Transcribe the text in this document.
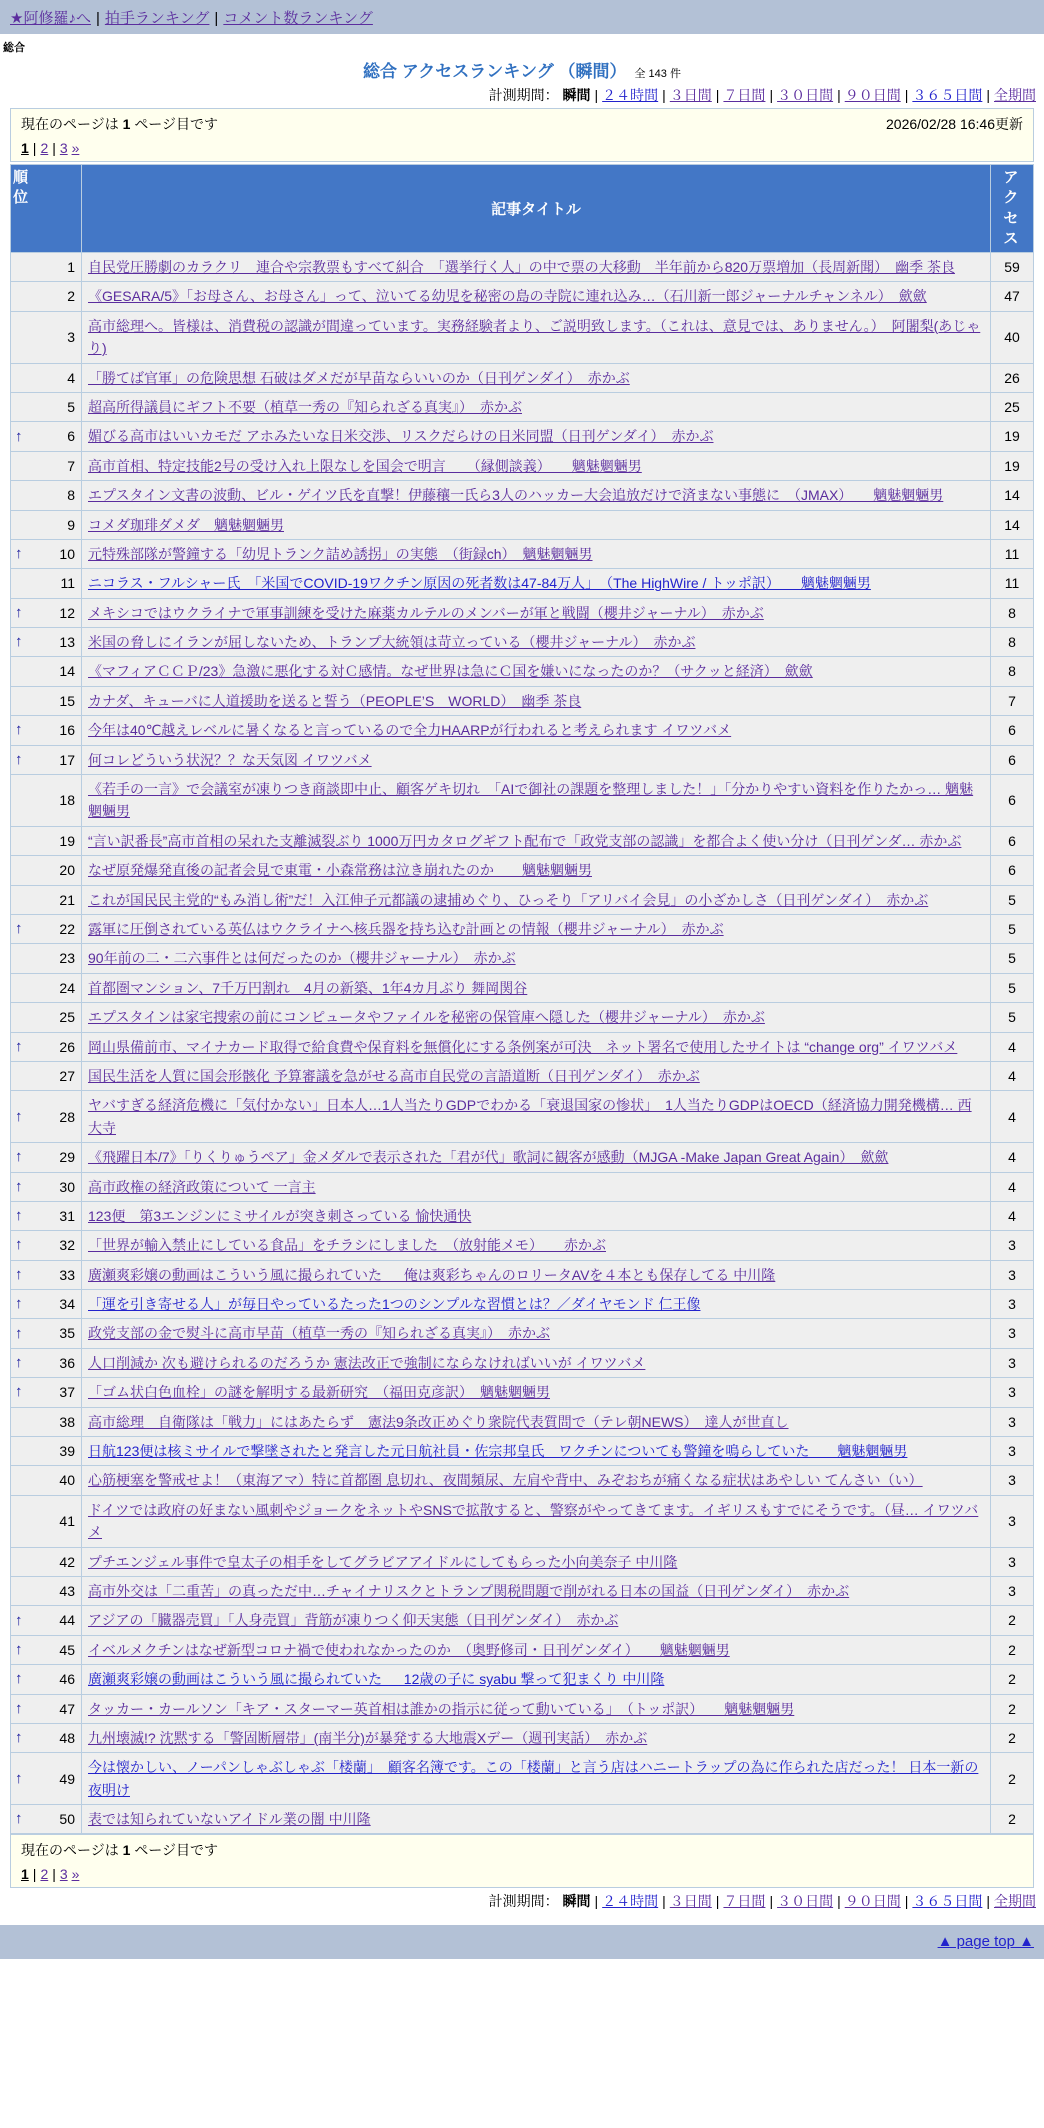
★阿修羅♪へ | 拍手ランキング | コメント数ランキング
総合
総合 アクセスランキング （瞬間） 全 143 件
計測期間： 瞬間 | ２４時間 | ３日間 | ７日間 | ３０日間 | ９０日間 | ３６５日間 | 全期間
2026/02/28 16:46更新
現在のページは 1 ページ目です
1 | 2 | 3 »
順位	記事タイトル	アクセス
1	自民党圧勝劇のカラクリ　連合や宗教票もすべて糾合　「選挙行く人」の中で票の大移動　半年前から820万票増加（長周新聞）　幽季 茶良	59
2	《GESARA/5》「お母さん、お母さん」って、泣いてる幼児を秘密の島の寺院に連れ込み…（石川新一郎ジャーナルチャンネル）　歛歛	47
3	高市総理へ。皆様は、消費税の認識が間違っています。実務経験者より、ご説明致します。（これは、意見では、ありません。）　阿闍梨(あじゃり)	40
4	「勝てば官軍」の危険思想 石破はダメだが早苗ならいいのか（日刊ゲンダイ）　赤かぶ	26
5	超高所得議員にギフト不要（植草一秀の『知られざる真実』）　赤かぶ	25

↑ 6	媚びる高市はいいカモだ アホみたいな日米交渉、リスクだらけの日米同盟（日刊ゲンダイ）　赤かぶ	19
7	高市首相、特定技能2号の受け入れ上限なしを国会で明言　　（縁側談義）　　魑魅魍魎男	19
8	エプスタイン文書の波動、ビル・ゲイツ氏を直撃！伊藤穰一氏ら3人のハッカー大会追放だけで済まない事態に　（JMAX）　　魑魅魍魎男	14
9	コメダ珈琲ダメダ　魑魅魍魎男	14

↑ 10	元特殊部隊が警鐘する「幼児トランク詰め誘拐」の実態　（街録ch）　魑魅魍魎男	11
11	ニコラス・フルシャー氏　「米国でCOVID-19ワクチン原因の死者数は47-84万人」　（The HighWire / トッポ訳）　　魑魅魍魎男	11

↑ 12	メキシコではウクライナで軍事訓練を受けた麻薬カルテルのメンバーが軍と戦闘（櫻井ジャーナル）　赤かぶ	8

↑ 13	米国の脅しにイランが屈しないため、トランプ大統領は苛立っている（櫻井ジャーナル）　赤かぶ	8
14	《マフィアＣＣＰ/23》急激に悪化する対Ｃ感情。なぜ世界は急にＣ国を嫌いになったのか？（サクッと経済）　歛歛	8
15	カナダ、キューバに人道援助を送ると誓う（PEOPLE’S　WORLD）　幽季 茶良	7

↑ 16	今年は40℃越えレベルに暑くなると言っているので全力HAARPが行われると考えられます イワツバメ	6

↑ 17	何コレどういう状況？？な天気図 イワツバメ	6
18	《若手の一言》で会議室が凍りつき商談即中止、顧客ゲキ切れ　「AIで御社の課題を整理しました！」「分かりやすい資料を作りたかっ… 魑魅魍魎男	6
19	“言い訳番長”高市首相の呆れた支離滅裂ぶり 1000万円カタログギフト配布で「政党支部の認識」を都合よく使い分け（日刊ゲンダ… 赤かぶ	6
20	なぜ原発爆発直後の記者会見で東電・小森常務は泣き崩れたのか　　魑魅魍魎男	6
21	これが国民民主党的“もみ消し術”だ！入江伸子元都議の逮捕めぐり、ひっそり「アリバイ会見」の小ざかしさ（日刊ゲンダイ）　赤かぶ	5

↑ 22	露軍に圧倒されている英仏はウクライナへ核兵器を持ち込む計画との情報（櫻井ジャーナル）　赤かぶ	5
23	90年前の二・二六事件とは何だったのか（櫻井ジャーナル）　赤かぶ	5
24	首都圏マンション、7千万円割れ　4月の新築、1年4カ月ぶり 舞岡関谷	5
25	エプスタインは家宅捜索の前にコンピュータやファイルを秘密の保管庫へ隠した（櫻井ジャーナル）　赤かぶ	5

↑ 26	岡山県備前市、マイナカード取得で給食費や保育料を無償化にする条例案が可決　ネット署名で使用したサイトは “change org” イワツバメ	4
27	国民生活を人質に国会形骸化 予算審議を急がせる高市自民党の言語道断（日刊ゲンダイ）　赤かぶ	4

↑ 28	ヤバすぎる経済危機に「気付かない」日本人…1人当たりGDPでわかる「衰退国家の惨状」　1人当たりGDPはOECD（経済協力開発機構… 西大寺	4

↑ 29	《飛躍日本/7》「りくりゅうペア」金メダルで表示された「君が代」歌詞に観客が感動（MJGA -Make Japan Great Again）　歛歛	4

↑ 30	高市政権の経済政策について 一言主	4

↑ 31	123便　第3エンジンにミサイルが突き刺さっている 愉快通快	4

↑ 32	「世界が輸入禁止にしている食品」をチラシにしました　（放射能メモ）　　赤かぶ	3

↑ 33	廣瀬爽彩嬢の動画はこういう風に撮られていた ＿ 俺は爽彩ちゃんのロリータAVを４本とも保存してる 中川隆	3

↑ 34	「運を引き寄せる人」が毎日やっているたった1つのシンプルな習慣とは？／ダイヤモンド 仁王像	3

↑ 35	政党支部の金で熨斗に高市早苗（植草一秀の『知られざる真実』）　赤かぶ	3

↑ 36	人口削減か 次も避けられるのだろうか 憲法改正で強制にならなければいいが イワツバメ	3

↑ 37	「ゴム状白色血栓」の謎を解明する最新研究　（福田克彦訳）　魑魅魍魎男	3
38	高市総理　自衛隊は「戦力」にはあたらず　憲法9条改正めぐり衆院代表質問で（テレ朝NEWS）　達人が世直し	3
39	日航123便は核ミサイルで撃墜されたと発言した元日航社員・佐宗邦皇氏　ワクチンについても警鐘を鳴らしていた　　魑魅魍魎男	3
40	心筋梗塞を警戒せよ！（東海アマ）特に首都圏 息切れ、夜間頻尿、左肩や背中、みぞおちが痛くなる症状はあやしい てんさい（い）	3
41	ドイツでは政府の好まない風刺やジョークをネットやSNSで拡散すると、警察がやってきてます。イギリスもすでにそうです。（昼… イワツバメ	3
42	プチエンジェル事件で皇太子の相手をしてグラビアアイドルにしてもらった小向美奈子 中川隆	3
43	高市外交は「二重苦」の真っただ中…チャイナリスクとトランプ関税問題で削がれる日本の国益（日刊ゲンダイ）　赤かぶ	3

↑ 44	アジアの「臓器売買」「人身売買」背筋が凍りつく仰天実態（日刊ゲンダイ）　赤かぶ	2

↑ 45	イベルメクチンはなぜ新型コロナ禍で使われなかったのか　（奥野修司・日刊ゲンダイ）　　魑魅魍魎男	2

↑ 46	廣瀬爽彩嬢の動画はこういう風に撮られていた ＿ 12歳の子に syabu 撃って犯まくり 中川隆	2

↑ 47	タッカー・カールソン「キア・スターマー英首相は誰かの指示に従って動いている」　（トッポ訳）　　魑魅魍魎男	2

↑ 48	九州壊滅!? 沈黙する「警固断層帯」(南半分)が暴発する大地震Xデー（週刊実話）　赤かぶ	2

↑ 49	今は懐かしい、ノーパンしゃぶしゃぶ「楼蘭」　顧客名簿です。この「楼蘭」と言う店はハニートラップの為に作られた店だった！ 日本一新の夜明け	2

↑ 50	表では知られていないアイドル業の闇 中川隆	2
現在のページは 1 ページ目です
1 | 2 | 3 »
計測期間： 瞬間 | ２４時間 | ３日間 | ７日間 | ３０日間 | ９０日間 | ３６５日間 | 全期間
▲ page top ▲
